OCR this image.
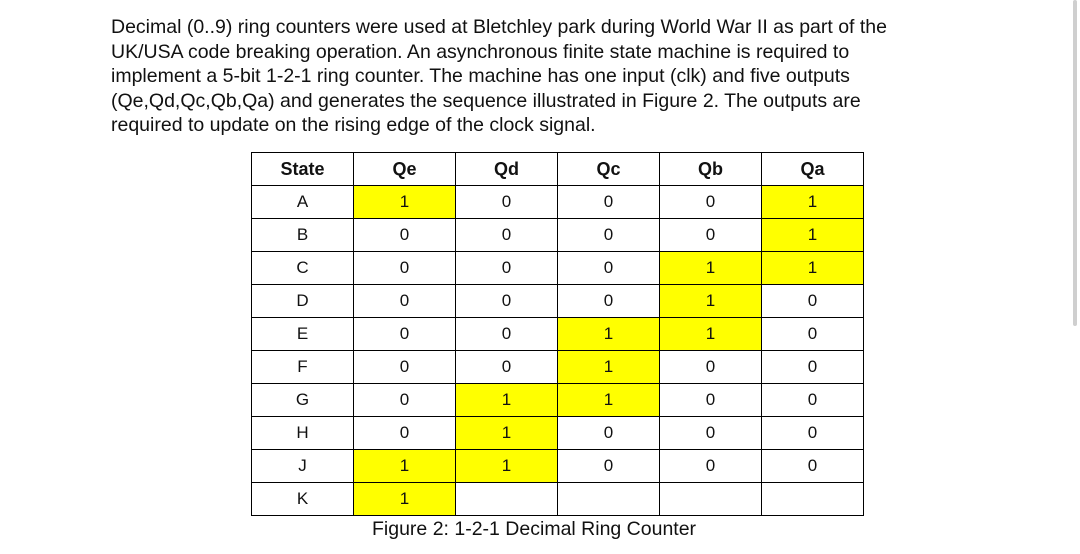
Decimal (0..9) ring counters were used at Bletchley park during World War II as part of the
UK/USA code breaking operation. An asynchronous finite state machine is required to
implement a 5-bit 1-2-1 ring counter. The machine has one input (clk) and five outputs
(Qe,Qd,Qc,Qb,Qa) and generates the sequence illustrated in Figure 2. The outputs are
required to update on the rising edge of the clock signal.
State	Qe	Qd	Qc	Qb	Qa
A	1	0	0	0	1
B	0	0	0	0	1
C	0	0	0	1	1
D	0	0	0	1	0
E	0	0	1	1	0
F	0	0	1	0	0
G	0	1	1	0	0
H	0	1	0	0	0
J	1	1	0	0	0
K	1				
Figure 2: 1-2-1 Decimal Ring Counter
